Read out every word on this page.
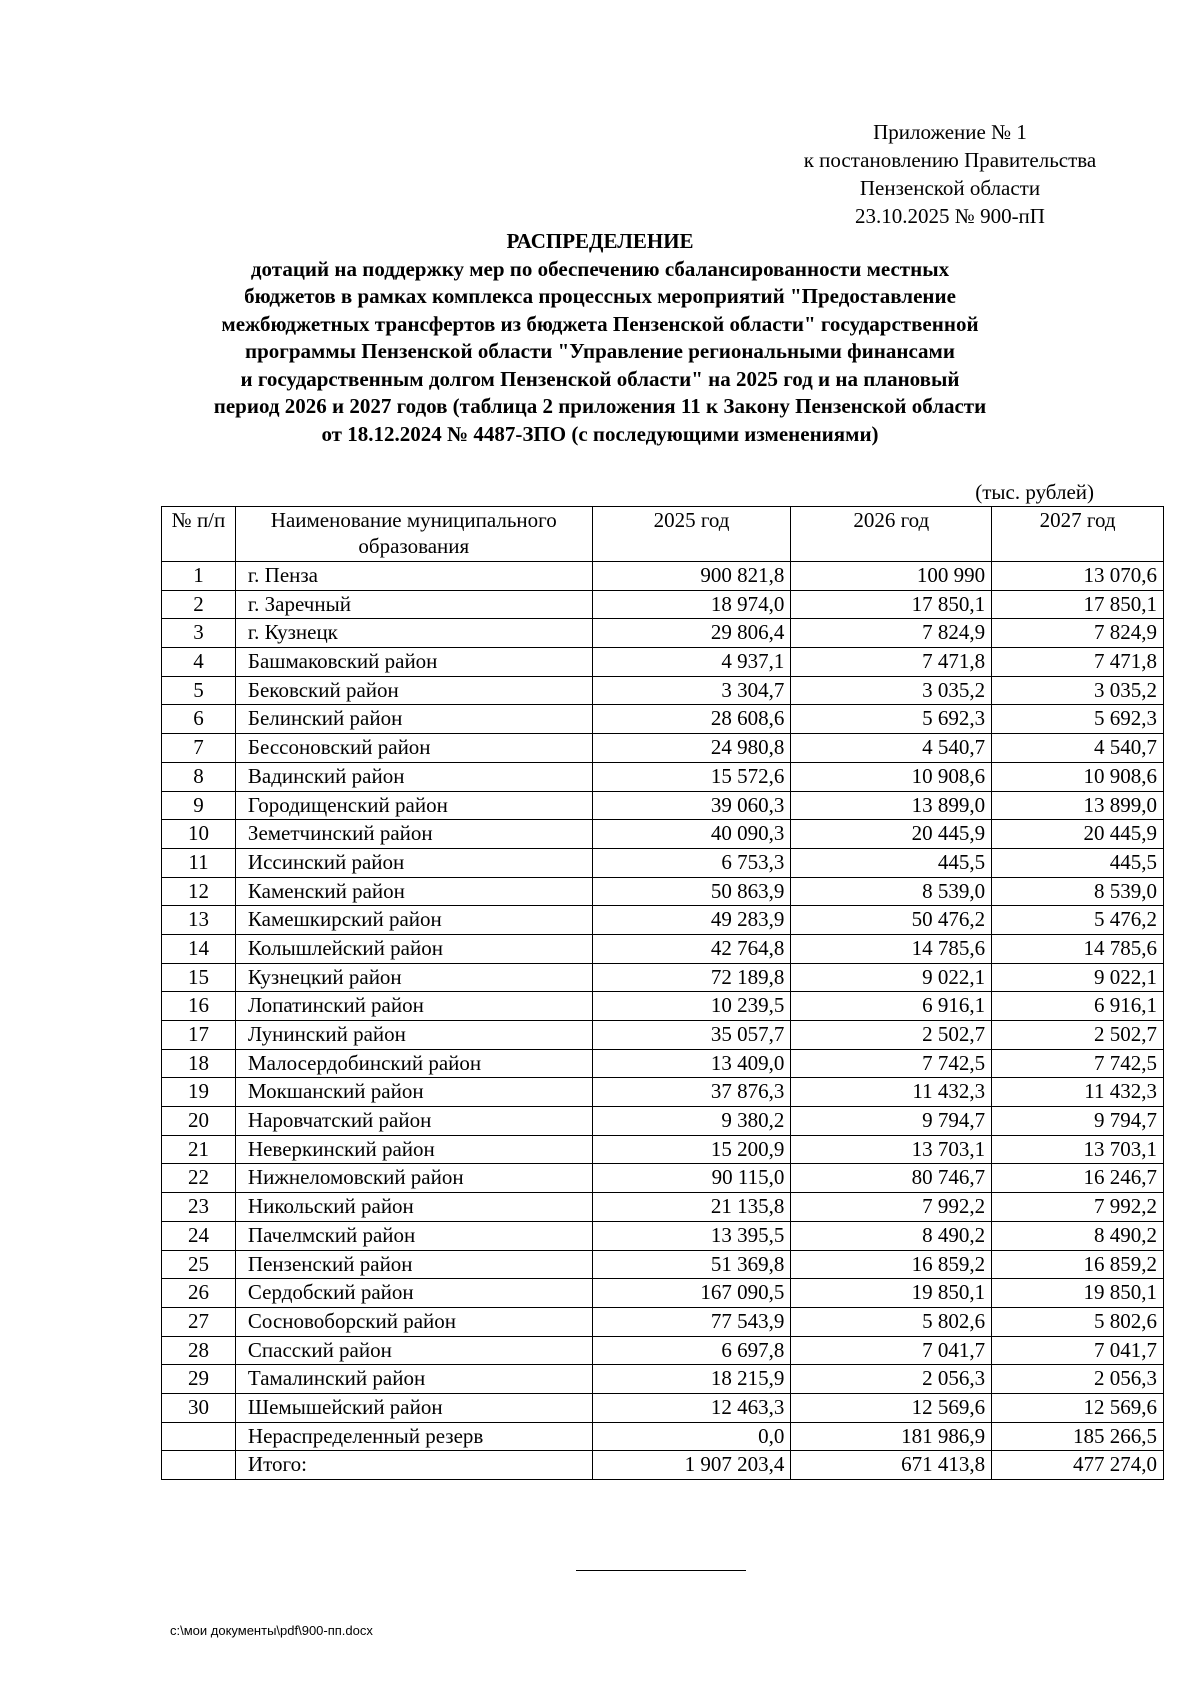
Приложение № 1
к постановлению Правительства
Пензенской области
23.10.2025 № 900-пП
РАСПРЕДЕЛЕНИЕ
дотаций на поддержку мер по обеспечению сбалансированности местных
бюджетов в рамках комплекса процессных мероприятий "Предоставление
межбюджетных трансфертов из бюджета Пензенской области" государственной
программы Пензенской области "Управление региональными финансами
и государственным долгом Пензенской области" на 2025 год и на плановый
период 2026 и 2027 годов (таблица 2 приложения 11 к Закону Пензенской области
от 18.12.2024 № 4487-ЗПО (с последующими изменениями)
(тыс. рублей)
№ п/п	Наименование муниципального образования	2025 год	2026 год	2027 год
1	г. Пенза	900 821,8	100 990	13 070,6
2	г. Заречный	18 974,0	17 850,1	17 850,1
3	г. Кузнецк	29 806,4	7 824,9	7 824,9
4	Башмаковский район	4 937,1	7 471,8	7 471,8
5	Бековский район	3 304,7	3 035,2	3 035,2
6	Белинский район	28 608,6	5 692,3	5 692,3
7	Бессоновский район	24 980,8	4 540,7	4 540,7
8	Вадинский район	15 572,6	10 908,6	10 908,6
9	Городищенский район	39 060,3	13 899,0	13 899,0
10	Земетчинский район	40 090,3	20 445,9	20 445,9
11	Иссинский район	6 753,3	445,5	445,5
12	Каменский район	50 863,9	8 539,0	8 539,0
13	Камешкирский район	49 283,9	50 476,2	5 476,2
14	Колышлейский район	42 764,8	14 785,6	14 785,6
15	Кузнецкий район	72 189,8	9 022,1	9 022,1
16	Лопатинский район	10 239,5	6 916,1	6 916,1
17	Лунинский район	35 057,7	2 502,7	2 502,7
18	Малосердобинский район	13 409,0	7 742,5	7 742,5
19	Мокшанский район	37 876,3	11 432,3	11 432,3
20	Наровчатский район	9 380,2	9 794,7	9 794,7
21	Неверкинский район	15 200,9	13 703,1	13 703,1
22	Нижнеломовский район	90 115,0	80 746,7	16 246,7
23	Никольский район	21 135,8	7 992,2	7 992,2
24	Пачелмский район	13 395,5	8 490,2	8 490,2
25	Пензенский район	51 369,8	16 859,2	16 859,2
26	Сердобский район	167 090,5	19 850,1	19 850,1
27	Сосновоборский район	77 543,9	5 802,6	5 802,6
28	Спасский район	6 697,8	7 041,7	7 041,7
29	Тамалинский район	18 215,9	2 056,3	2 056,3
30	Шемышейский район	12 463,3	12 569,6	12 569,6
	Нераспределенный резерв	0,0	181 986,9	185 266,5
	Итого:	1 907 203,4	671 413,8	477 274,0
c:\мои документы\pdf\900-пп.docx
